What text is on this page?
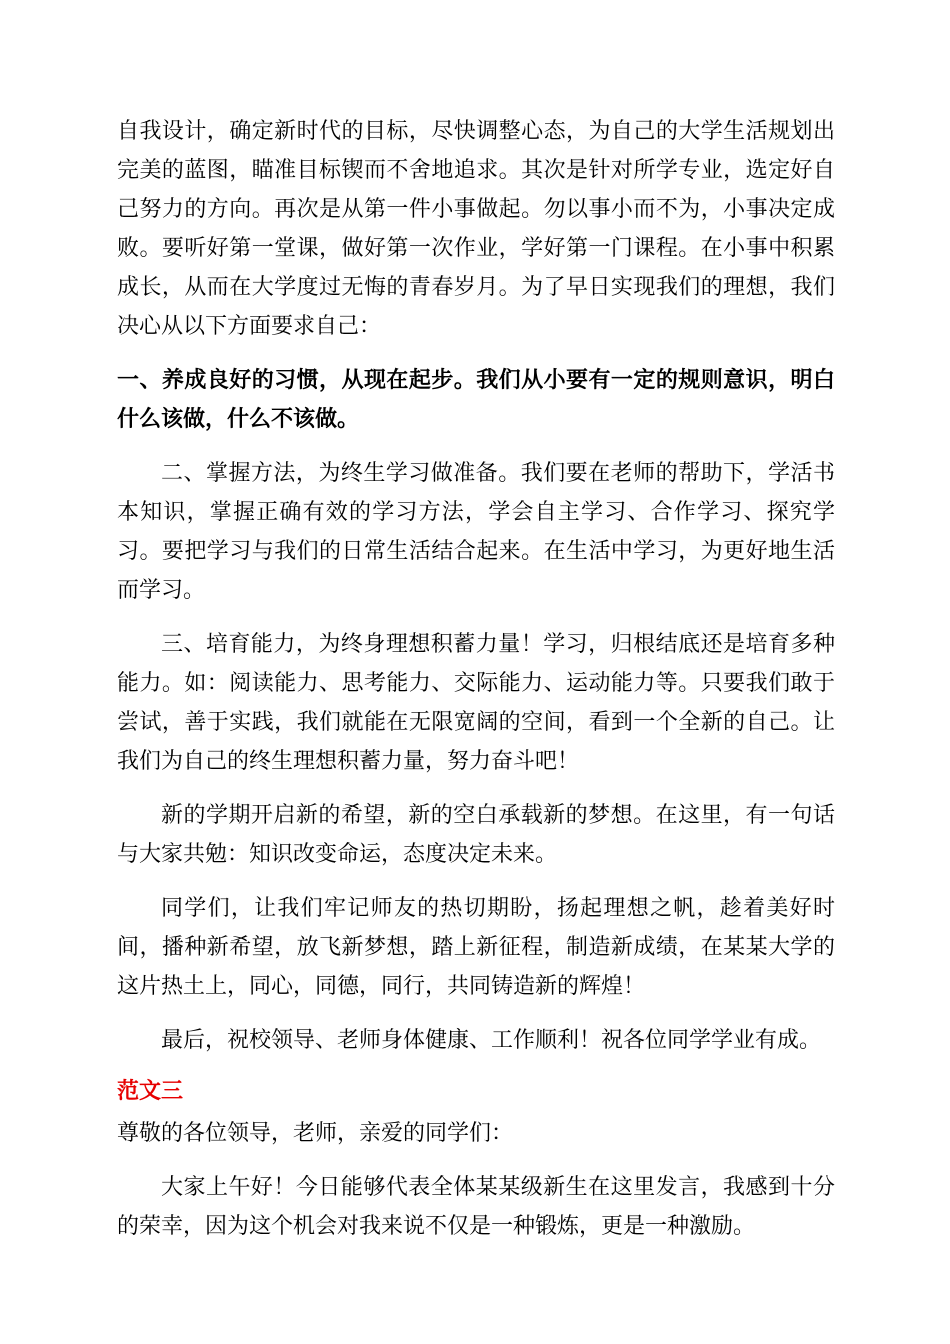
自我设计，确定新时代的目标，尽快调整心态，为自己的大学生活规划出完美的蓝图，瞄准目标锲而不舍地追求。其次是针对所学专业，选定好自己努力的方向。再次是从第一件小事做起。勿以事小而不为，小事决定成败。要听好第一堂课，做好第一次作业，学好第一门课程。在小事中积累成长，从而在大学度过无悔的青春岁月。为了早日实现我们的理想，我们决心从以下方面要求自己：

一、养成良好的习惯，从现在起步。我们从小要有一定的规则意识，明白什么该做，什么不该做。

二、掌握方法，为终生学习做准备。我们要在老师的帮助下，学活书本知识，掌握正确有效的学习方法，学会自主学习、合作学习、探究学习。要把学习与我们的日常生活结合起来。在生活中学习，为更好地生活而学习。

三、培育能力，为终身理想积蓄力量！学习，归根结底还是培育多种能力。如：阅读能力、思考能力、交际能力、运动能力等。只要我们敢于尝试，善于实践，我们就能在无限宽阔的空间，看到一个全新的自己。让我们为自己的终生理想积蓄力量，努力奋斗吧！

新的学期开启新的希望，新的空白承载新的梦想。在这里，有一句话与大家共勉：知识改变命运，态度决定未来。

同学们，让我们牢记师友的热切期盼，扬起理想之帆，趁着美好时间，播种新希望，放飞新梦想，踏上新征程，制造新成绩，在某某大学的这片热土上，同心，同德，同行，共同铸造新的辉煌！

最后，祝校领导、老师身体健康、工作顺利！祝各位同学学业有成。

范文三

尊敬的各位领导，老师，亲爱的同学们：

大家上午好！今日能够代表全体某某级新生在这里发言，我感到十分的荣幸，因为这个机会对我来说不仅是一种锻炼，更是一种激励。
